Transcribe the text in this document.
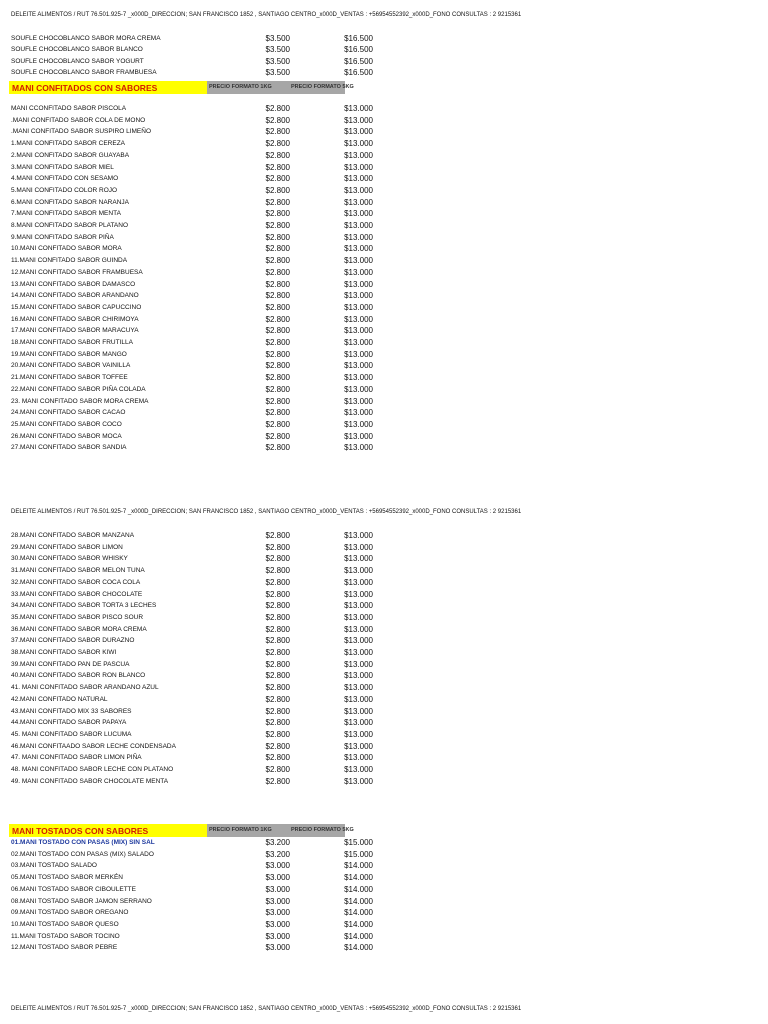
DELEITE ALIMENTOS / RUT 76.501.925-7 _x000D_DIRECCION; SAN FRANCISCO 1852 , SANTIAGO CENTRO_x000D_VENTAS : +56954552392_x000D_FONO CONSULTAS : 2 9215361
DELEITE ALIMENTOS / RUT 76.501.925-7 _x000D_DIRECCION; SAN FRANCISCO 1852 , SANTIAGO CENTRO_x000D_VENTAS : +56954552392_x000D_FONO CONSULTAS : 2 9215361
DELEITE ALIMENTOS / RUT 76.501.925-7 _x000D_DIRECCION; SAN FRANCISCO 1852 , SANTIAGO CENTRO_x000D_VENTAS : +56954552392_x000D_FONO CONSULTAS : 2 9215361
SOUFLE CHOCOBLANCO SABOR MORA CREMA	$3.500	$16.500
SOUFLE CHOCOBLANCO SABOR BLANCO	$3.500	$16.500
SOUFLE CHOCOBLANCO SABOR YOGURT	$3.500	$16.500
SOUFLE CHOCOBLANCO SABOR FRAMBUESA	$3.500	$16.500
MANI CONFITADOS CON SABORES	PRECIO FORMATO 1KG	PRECIO FORMATO 5KG
MANI CCONFITADO SABOR PISCOLA	$2.800	$13.000
.MANI CONFITADO SABOR COLA DE MONO	$2.800	$13.000
.MANI CONFITADO SABOR SUSPIRO LIMEÑO	$2.800	$13.000
1.MANI CONFITADO SABOR CEREZA	$2.800	$13.000
2.MANI CONFITADO SABOR GUAYABA	$2.800	$13.000
3.MANI CONFITADO SABOR MIEL	$2.800	$13.000
4.MANI CONFITADO CON SESAMO	$2.800	$13.000
5.MANI CONFITADO COLOR ROJO	$2.800	$13.000
6.MANI CONFITADO SABOR NARANJA	$2.800	$13.000
7.MANI CONFITADO SABOR MENTA	$2.800	$13.000
8.MANI CONFITADO SABOR PLATANO	$2.800	$13.000
9.MANI CONFITADO SABOR PIÑA	$2.800	$13.000
10.MANI CONFITADO SABOR MORA	$2.800	$13.000
11.MANI CONFITADO SABOR GUINDA	$2.800	$13.000
12.MANI CONFITADO SABOR FRAMBUESA	$2.800	$13.000
13.MANI CONFITADO SABOR DAMASCO	$2.800	$13.000
14.MANI CONFITADO SABOR ARANDANO	$2.800	$13.000
15.MANI CONFITADO SABOR CAPUCCINO	$2.800	$13.000
16.MANI CONFITADO SABOR CHIRIMOYA	$2.800	$13.000
17.MANI CONFITADO SABOR MARACUYA	$2.800	$13.000
18.MANI CONFITADO SABOR FRUTILLA	$2.800	$13.000
19.MANI CONFITADO SABOR MANGO	$2.800	$13.000
20.MANI CONFITADO SABOR VAINILLA	$2.800	$13.000
21.MANI CONFITADO SABOR TOFFEE	$2.800	$13.000
22.MANI CONFITADO SABOR PIÑA COLADA	$2.800	$13.000
23. MANI CONFITADO SABOR MORA CREMA	$2.800	$13.000
24.MANI CONFITADO SABOR CACAO	$2.800	$13.000
25.MANI CONFITADO SABOR COCO	$2.800	$13.000
26.MANI CONFITADO SABOR MOCA	$2.800	$13.000
27.MANI CONFITADO SABOR SANDIA	$2.800	$13.000
28.MANI CONFITADO SABOR MANZANA	$2.800	$13.000
29.MANI CONFITADO SABOR LIMON	$2.800	$13.000
30.MANI CONFITADO SABOR WHISKY	$2.800	$13.000
31.MANI CONFITADO SABOR MELON TUNA	$2.800	$13.000
32.MANI CONFITADO SABOR COCA COLA	$2.800	$13.000
33.MANI CONFITADO SABOR CHOCOLATE	$2.800	$13.000
34.MANI CONFITADO SABOR TORTA 3 LECHES	$2.800	$13.000
35.MANI CONFITADO SABOR PISCO SOUR	$2.800	$13.000
36.MANI CONFITADO SABOR MORA CREMA	$2.800	$13.000
37.MANI CONFITADO SABOR DURAZNO	$2.800	$13.000
38.MANI CONFITADO SABOR KIWI	$2.800	$13.000
39.MANI CONFITADO PAN DE PASCUA	$2.800	$13.000
40.MANI CONFITADO SABOR RON BLANCO	$2.800	$13.000
41. MANI CONFITADO SABOR ARANDANO AZUL	$2.800	$13.000
42.MANI CONFITADO NATURAL	$2.800	$13.000
43.MANI CONFITADO MIX 33 SABORES	$2.800	$13.000
44.MANI CONFITADO SABOR PAPAYA	$2.800	$13.000
45. MANI CONFITADO SABOR LUCUMA	$2.800	$13.000
46.MANI CONFITAADO SABOR LECHE CONDENSADA	$2.800	$13.000
47. MANI CONFITADO SABOR LIMON PIÑA	$2.800	$13.000
48. MANI CONFITADO SABOR LECHE CON PLATANO	$2.800	$13.000
49. MANI CONFITADO SABOR CHOCOLATE MENTA	$2.800	$13.000
MANI TOSTADOS CON SABORES	PRECIO FORMATO 1KG	PRECIO FORMATO 5KG
01.MANI TOSTADO CON PASAS (MIX) SIN SAL	$3.200	$15.000
02.MANI TOSTADO CON PASAS (MIX) SALADO	$3.200	$15.000
03.MANI TOSTADO SALADO	$3.000	$14.000
05.MANI TOSTADO SABOR MERKÉN	$3.000	$14.000
06.MANI TOSTADO SABOR CIBOULETTE	$3.000	$14.000
08.MANI TOSTADO SABOR JAMON SERRANO	$3.000	$14.000
09.MANI TOSTADO SABOR OREGANO	$3.000	$14.000
10.MANI TOSTADO SABOR QUESO	$3.000	$14.000
11.MANI TOSTADO SABOR TOCINO	$3.000	$14.000
12.MANI TOSTADO SABOR PEBRE	$3.000	$14.000
